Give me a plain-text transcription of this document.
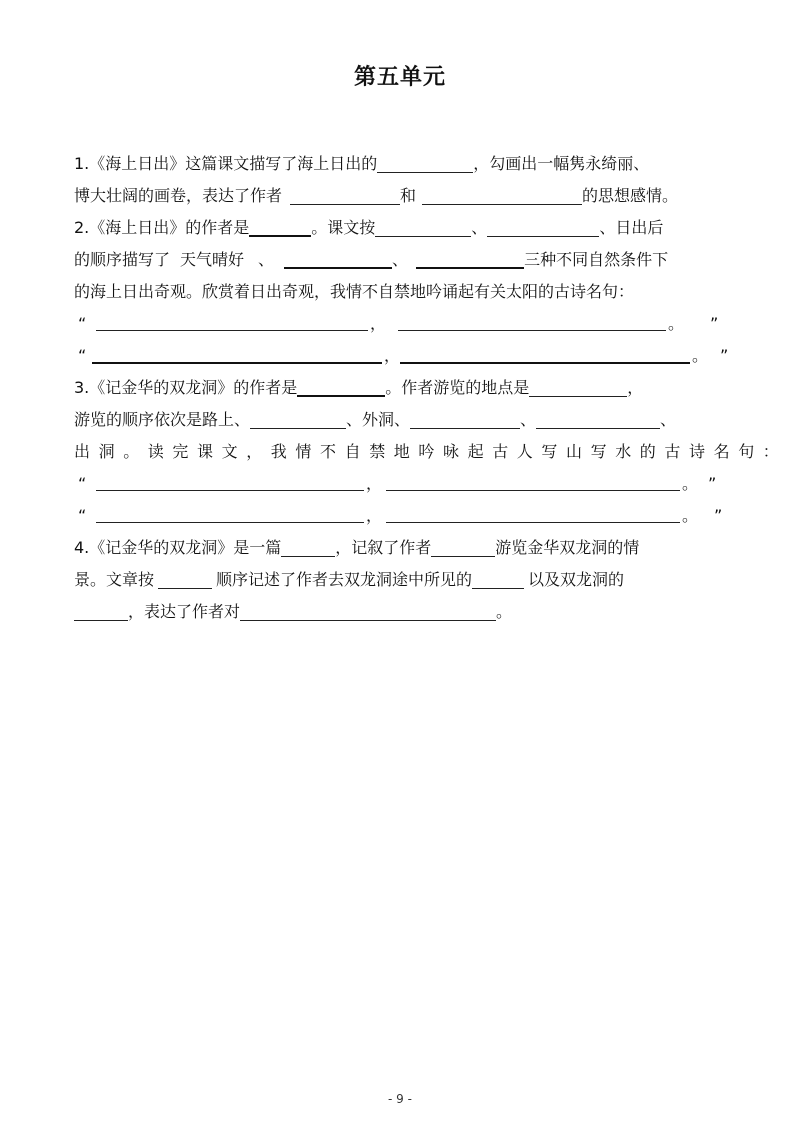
第五单元
1.《海上日出》这篇课文描写了海上日出的	，勾画出一幅隽永绮丽、
博大壮阔的画卷，表达了作者	和	的思想感情。
2.《海上日出》的作者是	。课文按	、	、日出后
的顺序描写了 天气晴好 、	、	三种不同自然条件下
的海上日出奇观。欣赏着日出奇观，我情不自禁地吟诵起有关太阳的古诗名句：
“	，	。 ”
“	，	。 ”
3.《记金华的双龙洞》的作者是	。作者游览的地点是	，
游览的顺序依次是路上、	、外洞、	、	、
出洞。读完课文，我情不自禁地吟咏起古人写山写水的古诗名句：
“	，	。 ”
“	，	。 ”
4.《记金华的双龙洞》是一篇	，记叙了作者	游览金华双龙洞的情
景。文章按	顺序记述了作者去双龙洞途中所见的	以及双龙洞的
，表达了作者对	。
- 9 -
